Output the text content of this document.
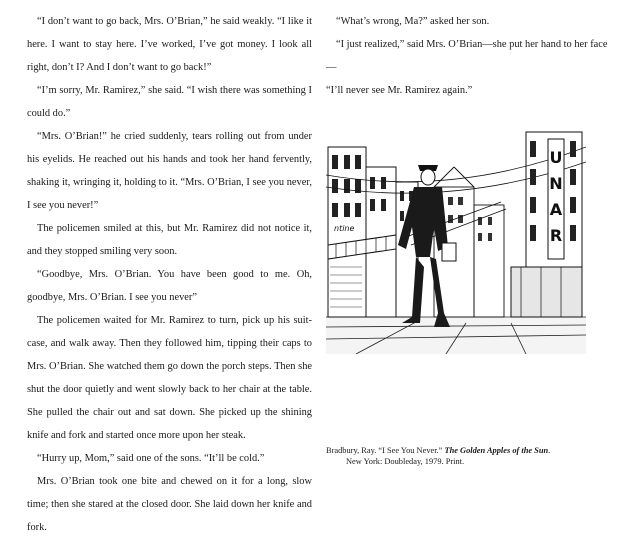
“I don’t want to go back, Mrs. O’Brian,” he said weakly. “I like it here. I want to stay here. I’ve worked, I’ve got money. I look all right, don’t I? And I don’t want to go back!”

“I’m sorry, Mr. Ramirez,” she said. “I wish there was something I could do.”

“Mrs. O’Brian!” he cried suddenly, tears rolling out from under his eyelids. He reached out his hands and took her hand fervently, shaking it, wringing it, holding to it. “Mrs. O’Brian, I see you never, I see you never!”

The policemen smiled at this, but Mr. Ramirez did not notice it, and they stopped smiling very soon.

“Goodbye, Mrs. O’Brian. You have been good to me. Oh, goodbye, Mrs. O’Brian. I see you never”

The policemen waited for Mr. Ramirez to turn, pick up his suit-case, and walk away. Then they followed him, tipping their caps to Mrs. O’Brian. She watched them go down the porch steps. Then she shut the door quietly and went slowly back to her chair at the table. She pulled the chair out and sat down. She picked up the shining knife and fork and started once more upon her steak.

“Hurry up, Mom,” said one of the sons. “It’ll be cold.”

Mrs. O’Brian took one bite and chewed on it for a long, slow time; then she stared at the closed door. She laid down her knife and fork.

“What’s wrong, Ma?” asked her son.

“I just realized,” said Mrs. O’Brian—she put her hand to her face—

“I’ll never see Mr. Ramirez again.”

ntine
U
N
A
R
Bradbury, Ray. “I See You Never.” The Golden Apples of the Sun.
New York: Doubleday, 1979. Print.
